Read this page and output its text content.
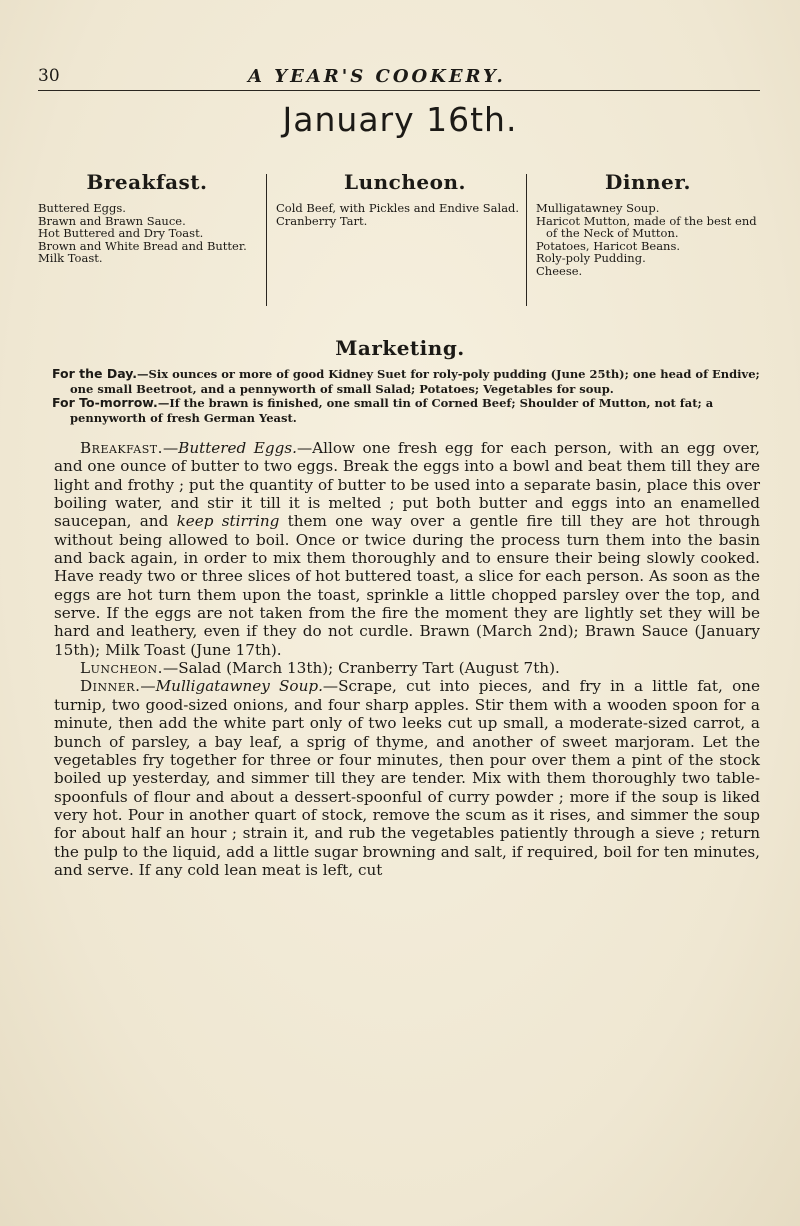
30	A YEAR'S COOKERY.
January 16th.
Breakfast.
Buttered Eggs.
Brawn and Brawn Sauce.
Hot Buttered and Dry Toast.
Brown and White Bread and Butter.
Milk Toast.
Luncheon.
Cold Beef, with Pickles and Endive Salad.
Cranberry Tart.
Dinner.
Mulligatawney Soup.
Haricot Mutton, made of the best end of the Neck of Mutton.
Potatoes, Haricot Beans.
Roly-poly Pudding.
Cheese.
Marketing.

For the Day.—Six ounces or more of good Kidney Suet for roly-poly pudding (June 25th); one head of Endive; one small Beetroot, and a pennyworth of small Salad; Potatoes; Vegetables for soup.

For To-morrow.—If the brawn is finished, one small tin of Corned Beef; Shoulder of Mutton, not fat; a pennyworth of fresh German Yeast.

Breakfast.—Buttered Eggs.—Allow one fresh egg for each person, with an egg over, and one ounce of butter to two eggs. Break the eggs into a bowl and beat them till they are light and frothy ; put the quantity of butter to be used into a separate basin, place this over boiling water, and stir it till it is melted ; put both butter and eggs into an enamelled saucepan, and keep stirring them one way over a gentle fire till they are hot through without being allowed to boil. Once or twice during the process turn them into the basin and back again, in order to mix them thoroughly and to ensure their being slowly cooked. Have ready two or three slices of hot buttered toast, a slice for each person. As soon as the eggs are hot turn them upon the toast, sprinkle a little chopped parsley over the top, and serve. If the eggs are not taken from the fire the moment they are lightly set they will be hard and leathery, even if they do not curdle. Brawn (March 2nd); Brawn Sauce (January 15th); Milk Toast (June 17th).

Luncheon.—Salad (March 13th); Cranberry Tart (August 7th).

Dinner.—Mulligatawney Soup.—Scrape, cut into pieces, and fry in a little fat, one turnip, two good-sized onions, and four sharp apples. Stir them with a wooden spoon for a minute, then add the white part only of two leeks cut up small, a moderate-sized carrot, a bunch of parsley, a bay leaf, a sprig of thyme, and another of sweet marjoram. Let the vegetables fry together for three or four minutes, then pour over them a pint of the stock boiled up yesterday, and simmer till they are tender. Mix with them thoroughly two table-spoonfuls of flour and about a dessert-spoonful of curry powder ; more if the soup is liked very hot. Pour in another quart of stock, remove the scum as it rises, and simmer the soup for about half an hour ; strain it, and rub the vegetables patiently through a sieve ; return the pulp to the liquid, add a little sugar browning and salt, if required, boil for ten minutes, and serve. If any cold lean meat is left, cut
